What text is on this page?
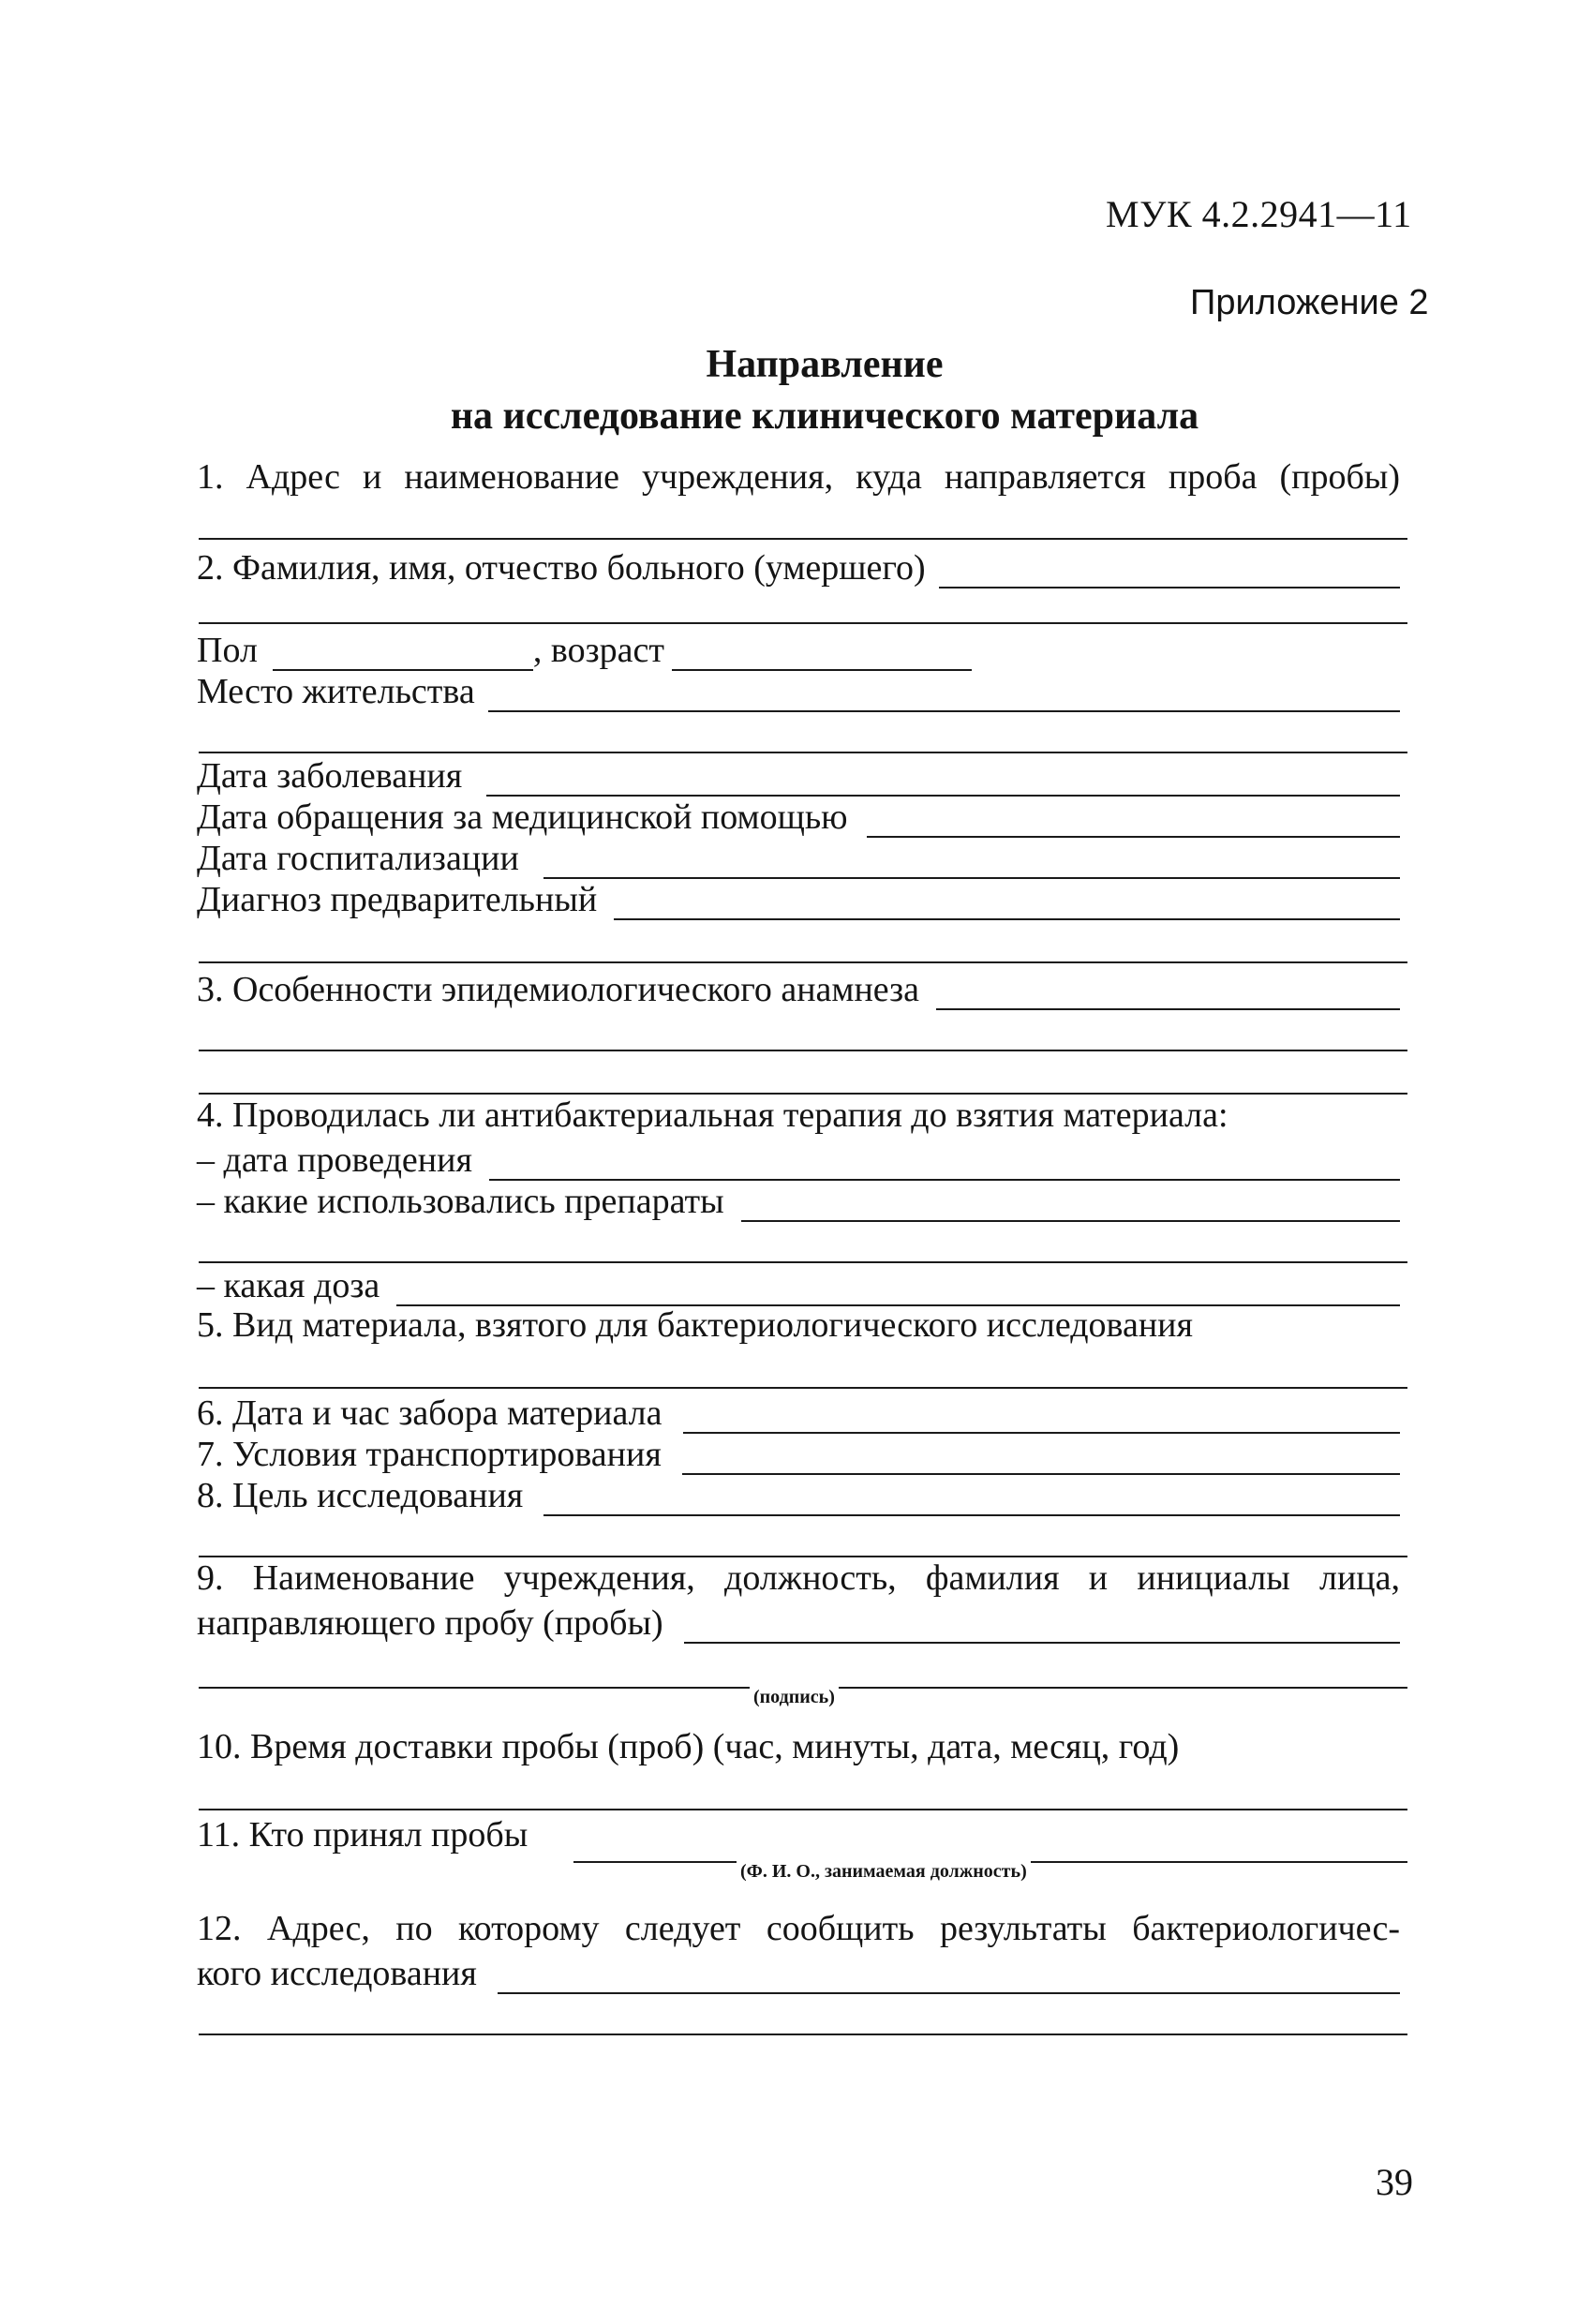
МУК 4.2.2941—11
Приложение 2
Направление
на исследование клинического материала
1. Адрес и наименование учреждения, куда направляется проба (пробы)
2. Фамилия, имя, отчество больного (умершего)
Пол	, возраст
Место жительства
Дата заболевания
Дата обращения за медицинской помощью
Дата госпитализации
Диагноз предварительный
3. Особенности эпидемиологического анамнеза
4. Проводилась ли антибактериальная терапия до взятия материала:
– дата проведения
– какие использовались препараты
– какая доза
5. Вид материала, взятого для бактериологического исследования
6. Дата и час забора материала
7. Условия транспортирования
8. Цель исследования
9. Наименование учреждения, должность, фамилия и инициалы лица,
направляющего пробу (пробы)
(подпись)
10. Время доставки пробы (проб) (час, минуты, дата, месяц, год)
11. Кто принял пробы
(Ф. И. О., занимаемая должность)
12. Адрес, по которому следует сообщить результаты бактериологичес-
кого исследования
39
